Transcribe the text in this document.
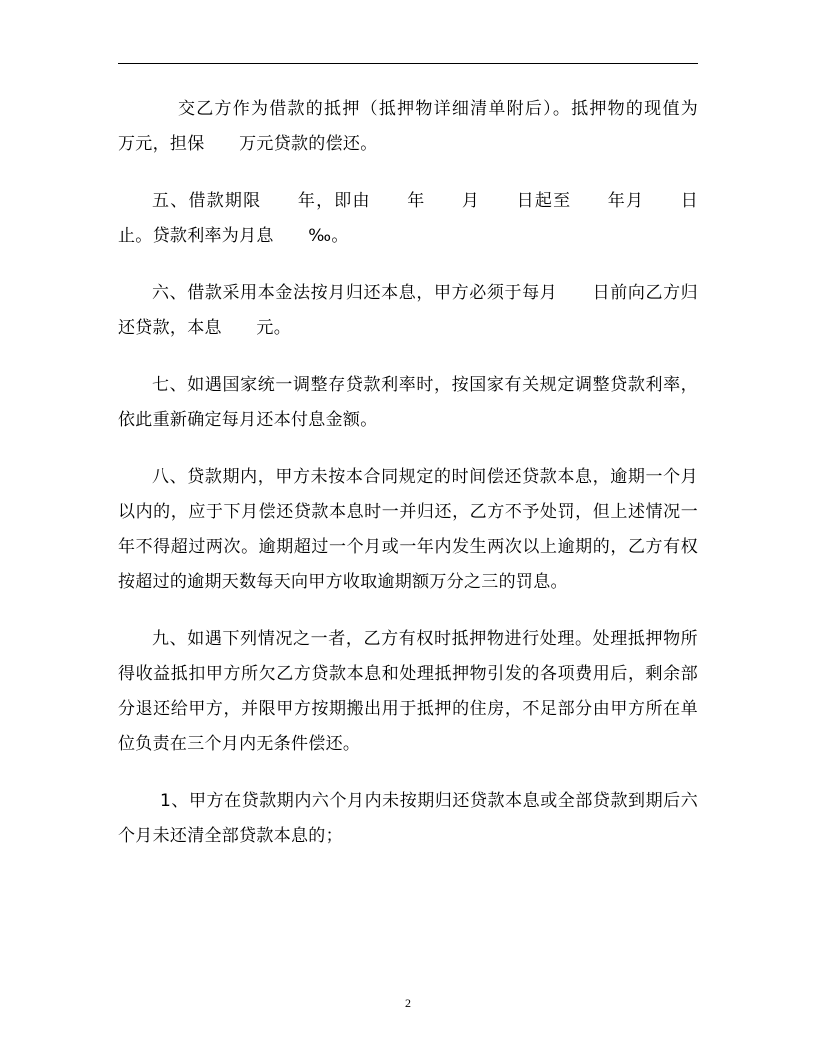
交乙方作为借款的抵押（抵押物详细清单附后）。抵押物的现值为　　万元，担保　　万元贷款的偿还。

五、借款期限　　年，即由　　年　　月　　日起至　　年月　　日止。贷款利率为月息　　‰。

六、借款采用本金法按月归还本息，甲方必须于每月　　日前向乙方归还贷款，本息　　元。

七、如遇国家统一调整存贷款利率时，按国家有关规定调整贷款利率，依此重新确定每月还本付息金额。

八、贷款期内，甲方未按本合同规定的时间偿还贷款本息，逾期一个月以内的，应于下月偿还贷款本息时一并归还，乙方不予处罚，但上述情况一年不得超过两次。逾期超过一个月或一年内发生两次以上逾期的，乙方有权按超过的逾期天数每天向甲方收取逾期额万分之三的罚息。

九、如遇下列情况之一者，乙方有权时抵押物进行处理。处理抵押物所得收益抵扣甲方所欠乙方贷款本息和处理抵押物引发的各项费用后，剩余部分退还给甲方，并限甲方按期搬出用于抵押的住房，不足部分由甲方所在单位负责在三个月内无条件偿还。

1、甲方在贷款期内六个月内未按期归还贷款本息或全部贷款到期后六个月未还清全部贷款本息的；

2
